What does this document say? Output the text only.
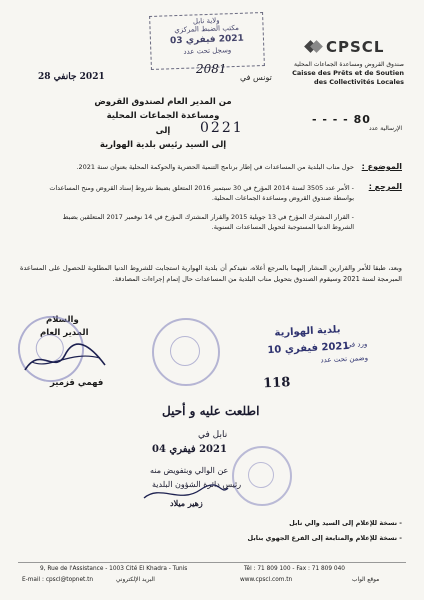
CPSCL
صندوق القروض ومساعدة الجماعات المحلية
Caisse des Prêts et de Soutien
des Collectivités Locales
- - - - 80
الإرسالية عدد
ولاية نابل
مكتب الضبط المركزي
2021 فيفري 03
وسجل تحت عدد
2081
تونس في
2021 جانفي 28
0221
من المدير العام لصندوق القروض
ومساعدة الجماعات المحلية
إلى
إلى السيد رئيس بلدية الهوارية
الموضوع :
حول مناب البلدية من المساعدات في إطار برنامج التنمية الحضرية والحوكمة المحلية بعنوان سنة 2021.
المرجع :
- الأمر عدد 3505 لسنة 2014 المؤرخ في 30 سبتمبر 2016 المتعلق بضبط شروط إسناد القروض ومنح المساعدات بواسطة صندوق القروض ومساعدة الجماعات المحلية.
- القرار المشترك المؤرخ في 13 جويلية 2015 والقرار المشترك المؤرخ في 14 نوفمبر 2017 المتعلقين بضبط الشروط الدنيا المستوجبة لتحويل المساعدات السنوية.
وبعد، طبقا للأمر والقرارين المشار إليهما بالمرجع أعلاه، نفيدكم أن بلدية الهوارية استجابت للشروط الدنيا المطلوبة للحصول على المساعدة المبرمجة لسنة 2021 وسيقوم الصندوق بتحويل مناب البلدية من المساعدات حال إتمام إجراءات المصادقة.
والسلام
المدير العام
فهمي قزمير
بلدية الهوارية
ورد في
2021 فيفري 10
وضمن تحت عدد
118
اطلعت عليه و أحيل
نابل في
2021 فيفري 04
عن الوالي وبتفويض منه
رئيس دائرة الشؤون البلدية
زهير ميلاد
- نسخة للإعلام إلى السيد والي نابل
- نسخة للإعلام والمتابعة إلى الفرع الجهوي بنابل
9, Rue de l'Assistance - 1003 Cité El Khadra - Tunis	Tél : 71 809 100 - Fax : 71 809 040
E-mail : cpscl@topnet.tn	البريد الإلكتروني	www.cpscl.com.tn	موقع الواب
